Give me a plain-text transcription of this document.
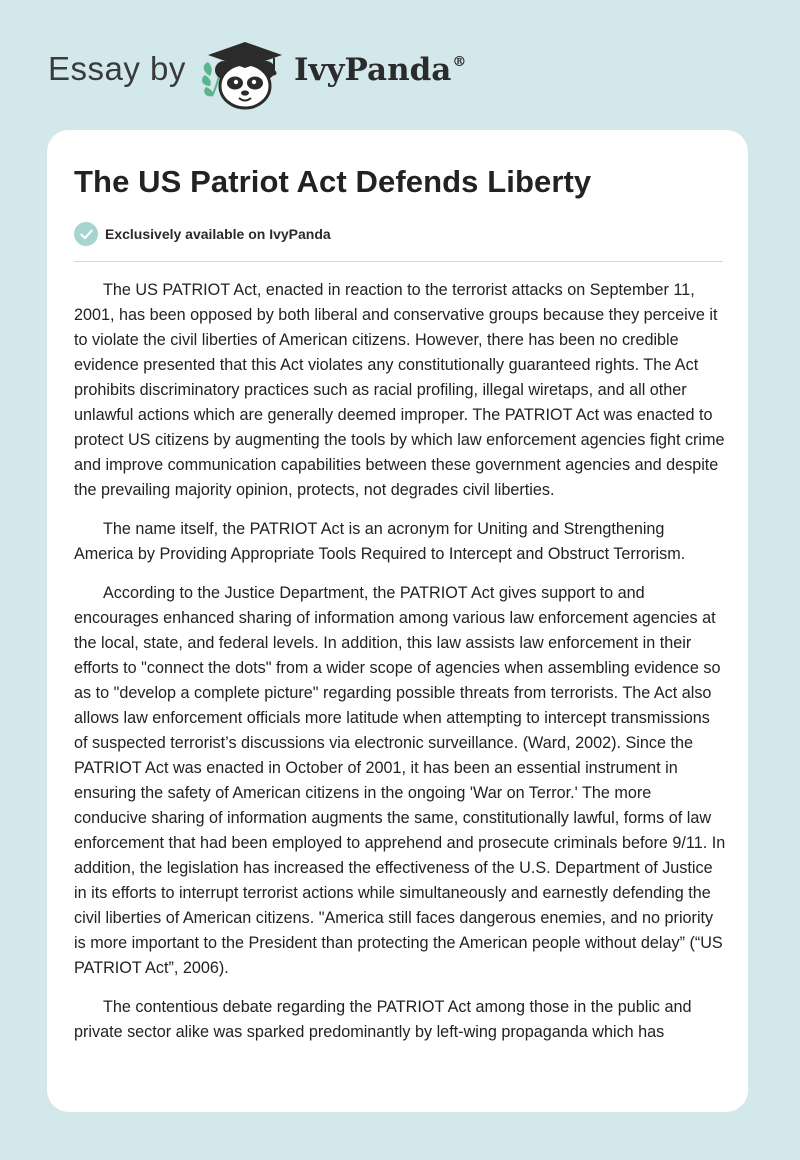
Essay by	IvyPanda®
The US Patriot Act Defends Liberty
Exclusively available on IvyPanda

The US PATRIOT Act, enacted in reaction to the terrorist attacks on September 11, 2001, has been opposed by both liberal and conservative groups because they perceive it to violate the civil liberties of American citizens. However, there has been no credible evidence presented that this Act violates any constitutionally guaranteed rights. The Act prohibits discriminatory practices such as racial profiling, illegal wiretaps, and all other unlawful actions which are generally deemed improper. The PATRIOT Act was enacted to protect US citizens by augmenting the tools by which law enforcement agencies fight crime and improve communication capabilities between these government agencies and despite the prevailing majority opinion, protects, not degrades civil liberties.

The name itself, the PATRIOT Act is an acronym for Uniting and Strengthening America by Providing Appropriate Tools Required to Intercept and Obstruct Terrorism.

According to the Justice Department, the PATRIOT Act gives support to and encourages enhanced sharing of information among various law enforcement agencies at the local, state, and federal levels. In addition, this law assists law enforcement in their efforts to "connect the dots" from a wider scope of agencies when assembling evidence so as to "develop a complete picture" regarding possible threats from terrorists. The Act also allows law enforcement officials more latitude when attempting to intercept transmissions of suspected terrorist’s discussions via electronic surveillance. (Ward, 2002). Since the PATRIOT Act was enacted in October of 2001, it has been an essential instrument in ensuring the safety of American citizens in the ongoing 'War on Terror.' The more conducive sharing of information augments the same, constitutionally lawful, forms of law enforcement that had been employed to apprehend and prosecute criminals before 9/11. In addition, the legislation has increased the effectiveness of the U.S. Department of Justice in its efforts to interrupt terrorist actions while simultaneously and earnestly defending the civil liberties of American citizens. "America still faces dangerous enemies, and no priority is more important to the President than protecting the American people without delay” (“US PATRIOT Act”, 2006).

The contentious debate regarding the PATRIOT Act among those in the public and private sector alike was sparked predominantly by left-wing propaganda which has
